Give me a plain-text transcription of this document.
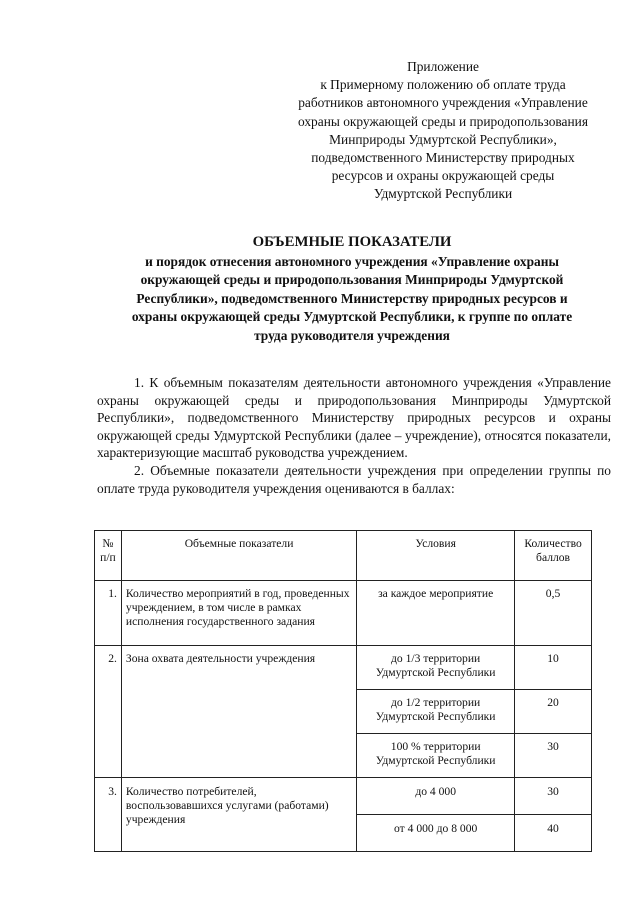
Приложение
к Примерному положению об оплате труда
работников автономного учреждения «Управление
охраны окружающей среды и природопользования
Минприроды Удмуртской Республики»,
подведомственного Министерству природных
ресурсов и охраны окружающей среды
Удмуртской Республики
ОБЪЕМНЫЕ ПОКАЗАТЕЛИ
и порядок отнесения автономного учреждения «Управление охраны
окружающей среды и природопользования Минприроды Удмуртской
Республики», подведомственного Министерству природных ресурсов и
охраны окружающей среды Удмуртской Республики, к группе по оплате
труда руководителя учреждения

1. К объемным показателям деятельности автономного учреждения «Управление охраны окружающей среды и природопользования Минприроды Удмуртской Республики», подведомственного Министерству природных ресурсов и охраны окружающей среды Удмуртской Республики (далее – учреждение), относятся показатели, характеризующие масштаб руководства учреждением.

2. Объемные показатели деятельности учреждения при определении группы по оплате труда руководителя учреждения оцениваются в баллах:

№ п/п	Объемные показатели	Условия	Количество баллов
1.	Количество мероприятий в год, проведенных учреждением, в том числе в рамках исполнения государственного задания	за каждое мероприятие	0,5
2.	Зона охвата деятельности учреждения	до 1/3 территории Удмуртской Республики	10
		до 1/2 территории Удмуртской Республики	20
		100 % территории Удмуртской Республики	30
3.	Количество потребителей, воспользовавшихся услугами (работами) учреждения	до 4 000	30
		от 4 000 до 8 000	40
